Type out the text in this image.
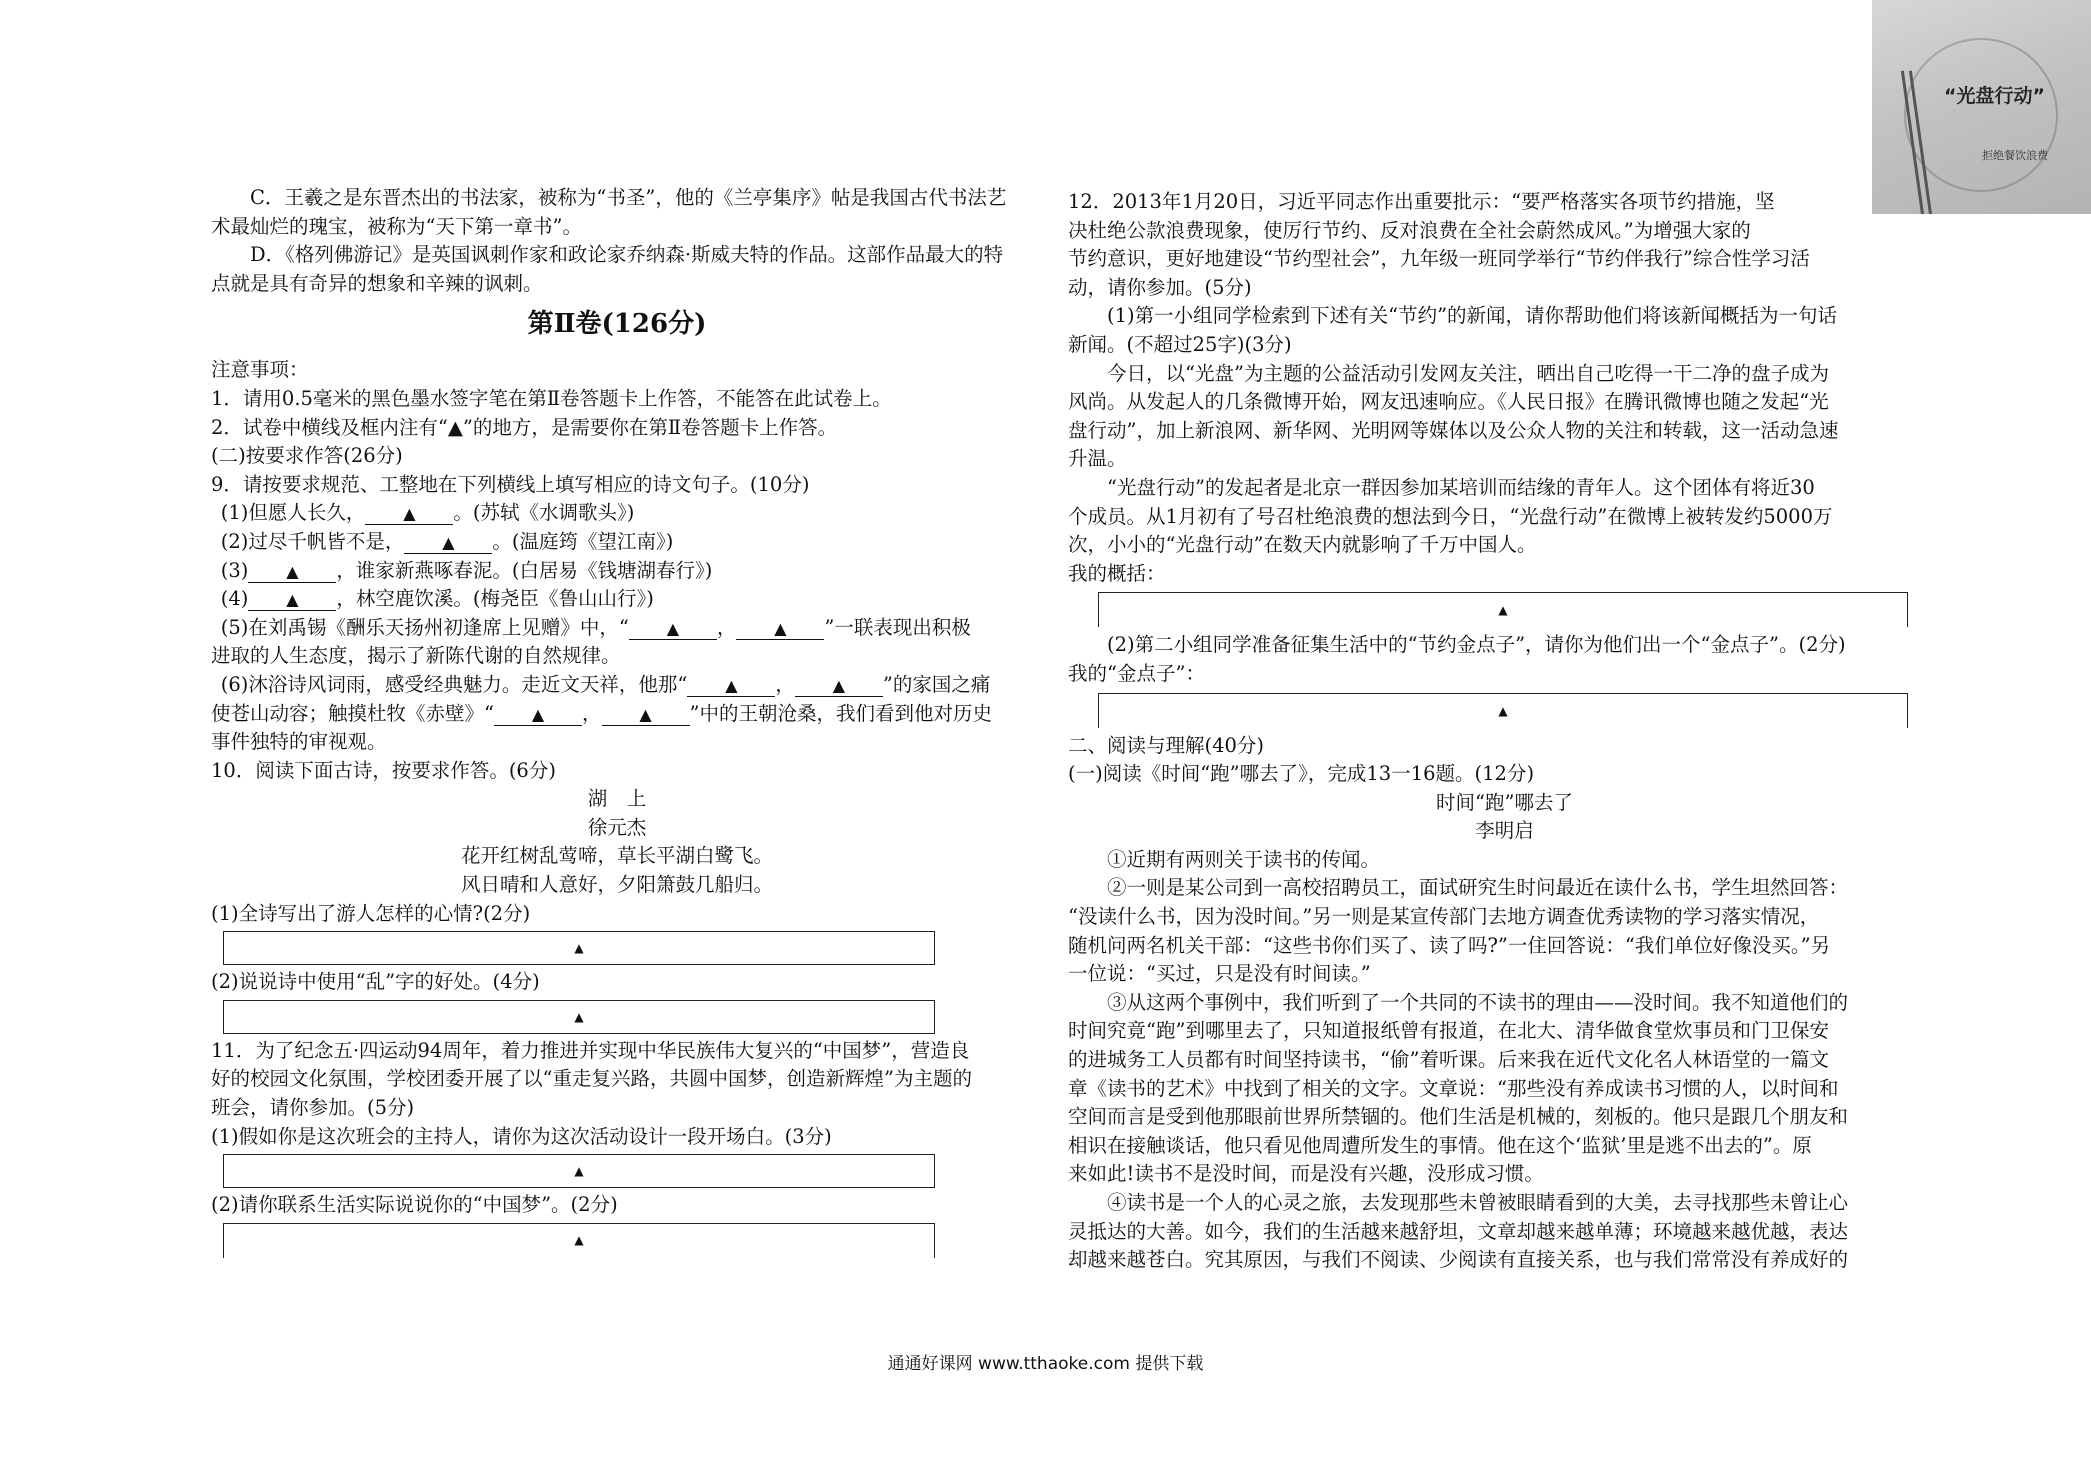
“光盘行动”
拒绝餐饮浪费

C．王羲之是东晋杰出的书法家，被称为“书圣”，他的《兰亭集序》帖是我国古代书法艺

术最灿烂的瑰宝，被称为“天下第一章书”。

D．《格列佛游记》是英国讽刺作家和政论家乔纳森·斯威夫特的作品。这部作品最大的特

点就是具有奇异的想象和辛辣的讽刺。

第Ⅱ卷(126分)

注意事项：

1．请用0.5毫米的黑色墨水签字笔在第Ⅱ卷答题卡上作答，不能答在此试卷上。

2．试卷中横线及框内注有“▲”的地方，是需要你在第Ⅱ卷答题卡上作答。

(二)按要求作答(26分)

9．请按要求规范、工整地在下列横线上填写相应的诗文句子。(10分)

(1)但愿人长久， ▲ 。(苏轼《水调歌头》)

(2)过尽千帆皆不是， ▲ 。(温庭筠《望江南》)

(3) ▲ ，谁家新燕啄春泥。(白居易《钱塘湖春行》)

(4) ▲ ，林空鹿饮溪。(梅尧臣《鲁山山行》)

(5)在刘禹锡《酬乐天扬州初逢席上见赠》中，“ ▲ ， ▲ ”一联表现出积极

进取的人生态度，揭示了新陈代谢的自然规律。

(6)沐浴诗风词雨，感受经典魅力。走近文天祥，他那“ ▲ ， ▲ ”的家国之痛

使苍山动容；触摸杜牧《赤壁》“ ▲ ， ▲ ”中的王朝沧桑，我们看到他对历史

事件独特的审视观。

10．阅读下面古诗，按要求作答。(6分)

湖　上

徐元杰

花开红树乱莺啼，草长平湖白鹭飞。

风日晴和人意好，夕阳箫鼓几船归。

(1)全诗写出了游人怎样的心情?(2分)

▲

(2)说说诗中使用“乱”字的好处。(4分)

▲

11．为了纪念五·四运动94周年，着力推进并实现中华民族伟大复兴的“中国梦”，营造良

好的校园文化氛围，学校团委开展了以“重走复兴路，共圆中国梦，创造新辉煌”为主题的

班会，请你参加。(5分)

(1)假如你是这次班会的主持人，请你为这次活动设计一段开场白。(3分)

▲

(2)请你联系生活实际说说你的“中国梦”。(2分)

▲

12．2013年1月20日，习近平同志作出重要批示：“要严格落实各项节约措施，坚

决杜绝公款浪费现象，使厉行节约、反对浪费在全社会蔚然成风。”为增强大家的

节约意识，更好地建设“节约型社会”，九年级一班同学举行“节约伴我行”综合性学习活

动，请你参加。(5分)

(1)第一小组同学检索到下述有关“节约”的新闻，请你帮助他们将该新闻概括为一句话

新闻。(不超过25字)(3分)

今日，以“光盘”为主题的公益活动引发网友关注，晒出自己吃得一干二净的盘子成为

风尚。从发起人的几条微博开始，网友迅速响应。《人民日报》在腾讯微博也随之发起“光

盘行动”，加上新浪网、新华网、光明网等媒体以及公众人物的关注和转载，这一活动急速

升温。

“光盘行动”的发起者是北京一群因参加某培训而结缘的青年人。这个团体有将近30

个成员。从1月初有了号召杜绝浪费的想法到今日，“光盘行动”在微博上被转发约5000万

次，小小的“光盘行动”在数天内就影响了千万中国人。

我的概括：

▲

(2)第二小组同学准备征集生活中的“节约金点子”，请你为他们出一个“金点子”。(2分)

我的“金点子”：

▲

二、阅读与理解(40分)

(一)阅读《时间“跑”哪去了》，完成13一16题。(12分)

时间“跑”哪去了

李明启

①近期有两则关于读书的传闻。

②一则是某公司到一高校招聘员工，面试研究生时问最近在读什么书，学生坦然回答：

“没读什么书，因为没时间。”另一则是某宣传部门去地方调查优秀读物的学习落实情况，

随机问两名机关干部：“这些书你们买了、读了吗?”一住回答说：“我们单位好像没买。”另

一位说：“买过，只是没有时间读。”

③从这两个事例中，我们听到了一个共同的不读书的理由——没时间。我不知道他们的

时间究竟“跑”到哪里去了，只知道报纸曾有报道，在北大、清华做食堂炊事员和门卫保安

的进城务工人员都有时间坚持读书，“偷”着听课。后来我在近代文化名人林语堂的一篇文

章《读书的艺术》中找到了相关的文字。文章说：“那些没有养成读书习惯的人，以时间和

空间而言是受到他那眼前世界所禁锢的。他们生活是机械的，刻板的。他只是跟几个朋友和

相识在接触谈话，他只看见他周遭所发生的事情。他在这个‘监狱’里是逃不出去的”。原

来如此!读书不是没时间，而是没有兴趣，没形成习惯。

④读书是一个人的心灵之旅，去发现那些未曾被眼睛看到的大美，去寻找那些未曾让心

灵抵达的大善。如今，我们的生活越来越舒坦，文章却越来越单薄；环境越来越优越，表达

却越来越苍白。究其原因，与我们不阅读、少阅读有直接关系，也与我们常常没有养成好的

通通好课网 www.tthaoke.com 提供下载
